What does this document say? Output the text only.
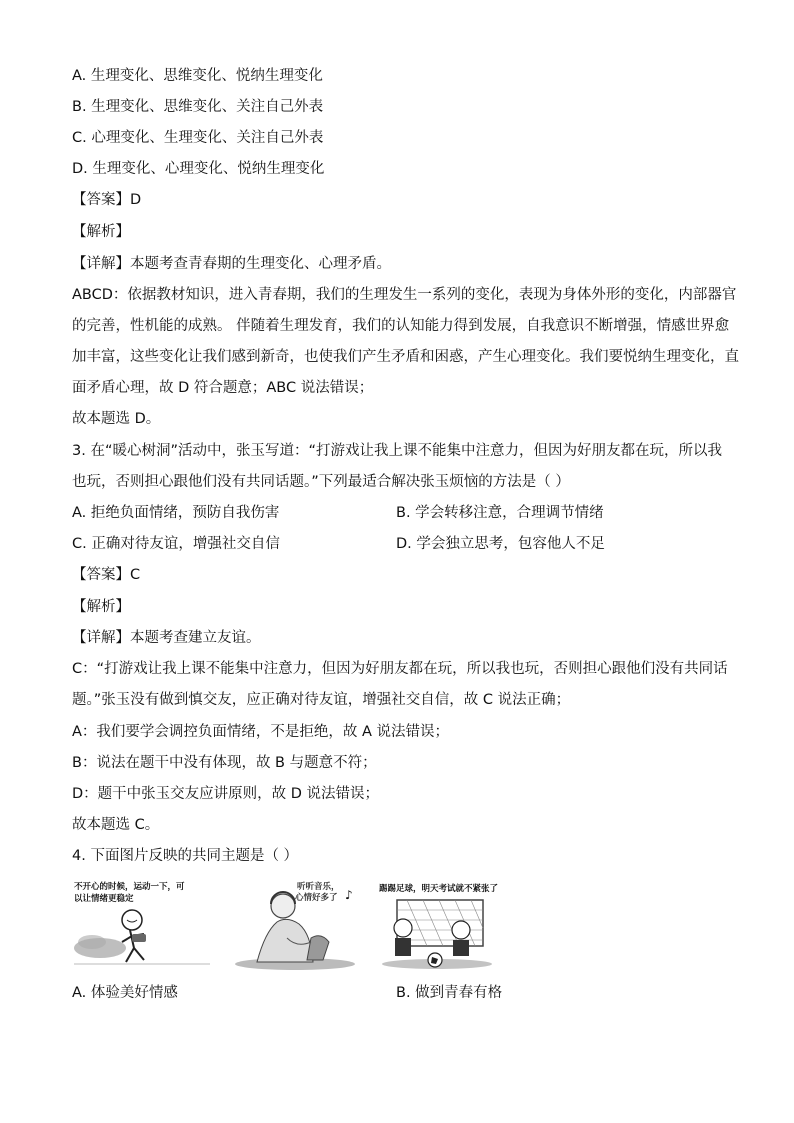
A. 生理变化、思维变化、悦纳生理变化
B. 生理变化、思维变化、关注自己外表
C. 心理变化、生理变化、关注自己外表
D. 生理变化、心理变化、悦纳生理变化
【答案】D
【解析】
【详解】本题考查青春期的生理变化、心理矛盾。
ABCD：依据教材知识，进入青春期，我们的生理发生一系列的变化，表现为身体外形的变化，内部器官
的完善，性机能的成熟。 伴随着生理发育，我们的认知能力得到发展，自我意识不断增强，情感世界愈
加丰富，这些变化让我们感到新奇，也使我们产生矛盾和困惑，产生心理变化。我们要悦纳生理变化，直
面矛盾心理，故 D 符合题意；ABC 说法错误；
故本题选 D。
3. 在“暖心树洞”活动中，张玉写道：“打游戏让我上课不能集中注意力，但因为好朋友都在玩，所以我
也玩，否则担心跟他们没有共同话题。”下列最适合解决张玉烦恼的方法是（ ）
A. 拒绝负面情绪，预防自我伤害	B. 学会转移注意，合理调节情绪
C. 正确对待友谊，增强社交自信	D. 学会独立思考，包容他人不足
【答案】C
【解析】
【详解】本题考查建立友谊。
C：“打游戏让我上课不能集中注意力，但因为好朋友都在玩，所以我也玩，否则担心跟他们没有共同话
题。”张玉没有做到慎交友，应正确对待友谊，增强社交自信，故 C 说法正确；
A：我们要学会调控负面情绪，不是拒绝，故 A 说法错误；
B：说法在题干中没有体现，故 B 与题意不符；
D：题干中张玉交友应讲原则，故 D 说法错误；
故本题选 C。
4. 下面图片反映的共同主题是（ ）
不开心的时候，运动一下，可
以让情绪更稳定
听听音乐，
心情好多了 ♪	踢踢足球，明天考试就不紧张了
A. 体验美好情感	B. 做到青春有格
